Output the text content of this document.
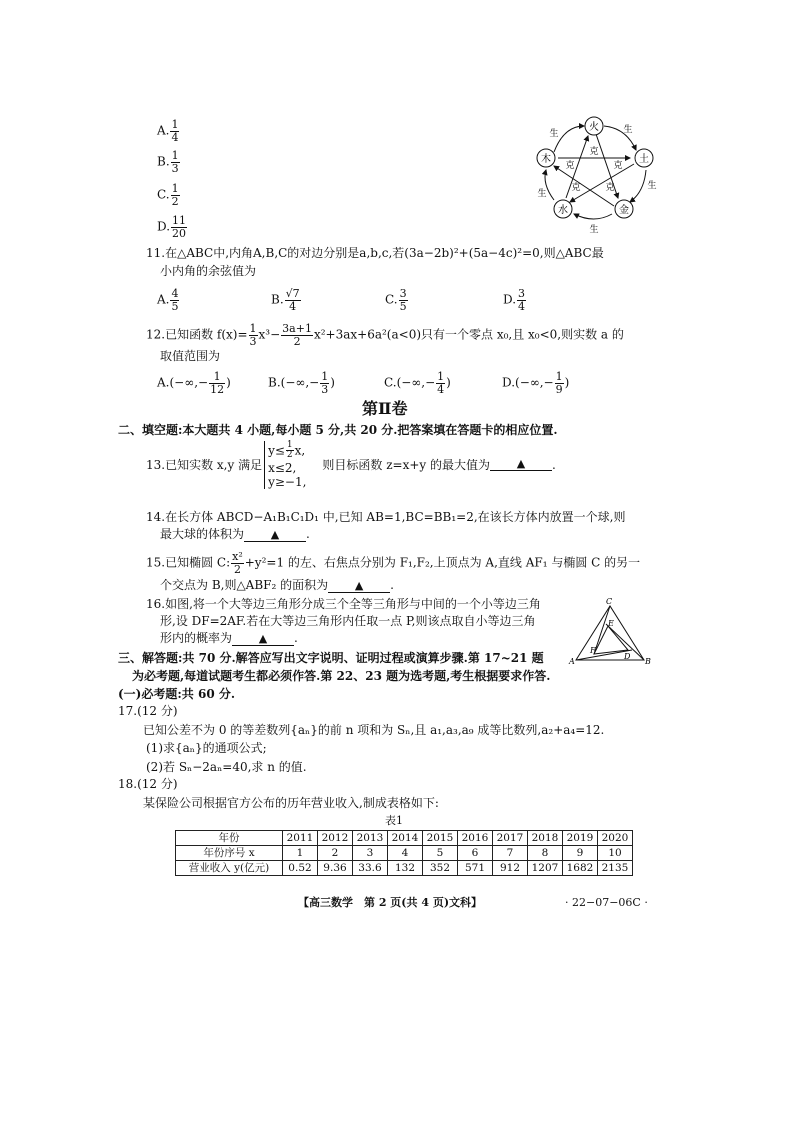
A. $\frac{1}{4}$
B. $\frac{1}{3}$
C. $\frac{1}{2}$
D. $\frac{11}{20}$
火
土
金
水
木
生	生
生
生
生
克
克
克
克	克
11.在△ABC中,内角A,B,C的对边分别是a,b,c,若(3a−2b)²+(5a−4c)²=0,则△ABC最
小内角的余弦值为
A. $\frac{4}{5}$	B. $\frac{√7}{4}$	C. $\frac{3}{5}$	D. $\frac{3}{4}$
12.已知函数 $f(x)= \frac{1}{3} x^3- \frac{3a+1}{2} x^2+3ax+6a^2(a<0)$只有一个零点 x₀,且 x₀<0,则实数 a 的
取值范围为
$A.(-\infty,- \frac{1}{12}$ )	$B.(-\infty,- \frac{1}{3}$ )	$C.(-\infty,- \frac{1}{4}$ )	$D.(-\infty,- \frac{1}{9}$ )
第Ⅱ卷
二、填空题:本大题共 4 小题,每小题 5 分,共 20 分.把答案填在答题卡的相应位置.
13.已知实数 x,y 满足
$y\le \frac{1}{2} x$,
x≤2,
y≥−1,
则目标函数 z=x+y 的最大值为 ▲ .
14.在长方体 ABCD−A₁B₁C₁D₁ 中,已知 AB=1,BC=BB₁=2,在该长方体内放置一个球,则
最大球的体积为 ▲ .
15.已知椭圆 C: $\frac{\text{x²}}{2} +y^2=1$ 的左、右焦点分别为 F₁,F₂,上顶点为 A,直线 AF₁ 与椭圆 C 的另一
个交点为 B,则△ABF₂ 的面积为 ▲ .
16.如图,将一个大等边三角形分成三个全等三角形与中间的一个小等边三角
形,设 DF=2AF.若在大等边三角形内任取一点 P,则该点取自小等边三角
形内的概率为 ▲ .
A	B
C
D
E
F
三、解答题:共 70 分.解答应写出文字说明、证明过程或演算步骤.第 17~21 题
为必考题,每道试题考生都必须作答.第 22、23 题为选考题,考生根据要求作答.
(一)必考题:共 60 分.
17.(12 分)
已知公差不为 0 的等差数列{aₙ}的前 n 项和为 Sₙ,且 a₁,a₃,a₉ 成等比数列,a₂+a₄=12.
(1)求{aₙ}的通项公式;
(2)若 Sₙ−2aₙ=40,求 n 的值.
18.(12 分)
某保险公司根据官方公布的历年营业收入,制成表格如下:
表1
年份	2011	2012	2013	2014	2015	2016	2017	2018	2019	2020
年份序号 x	1	2	3	4	5	6	7	8	9	10
营业收入 y(亿元)	0.52	9.36	33.6	132	352	571	912	1207	1682	2135
【高三数学　第 2 页(共 4 页)文科】	· 22−07−06C ·
